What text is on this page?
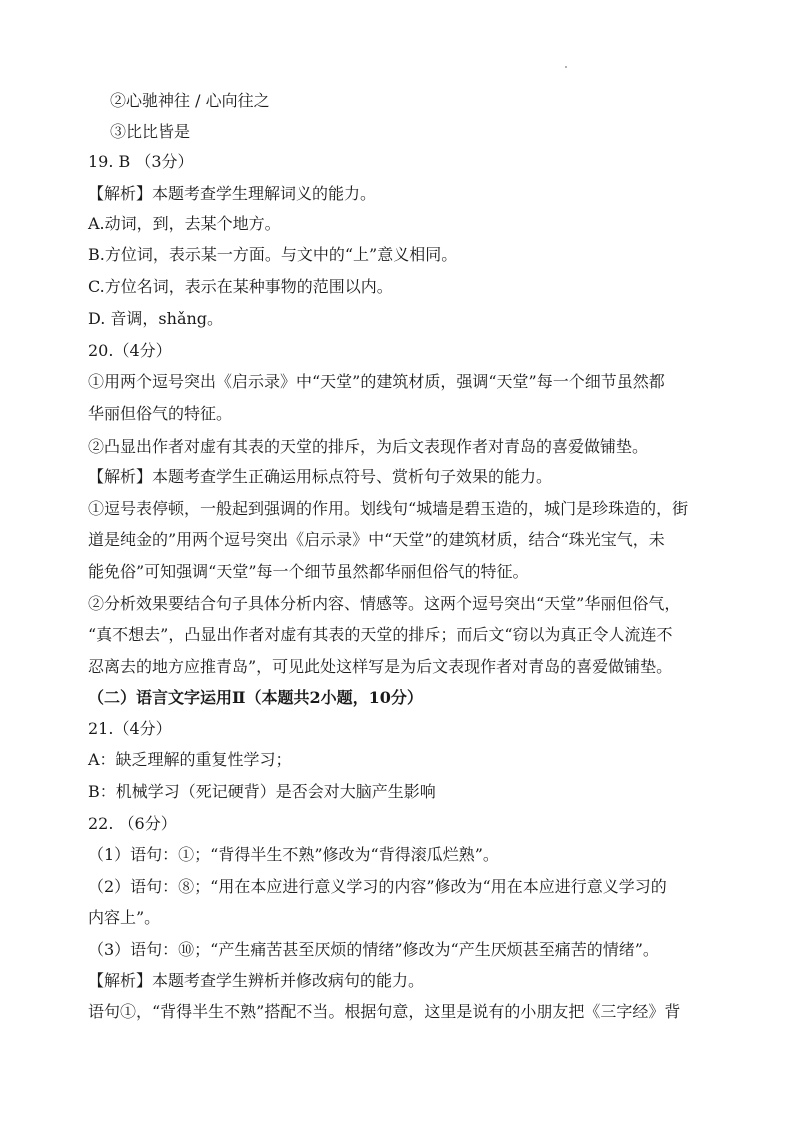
②心驰神往 / 心向往之
③比比皆是
19. B （3分）
【解析】本题考查学生理解词义的能力。
A.动词，到，去某个地方。
B.方位词，表示某一方面。与文中的“上”意义相同。
C.方位名词，表示在某种事物的范围以内。
D. 音调，shǎng。
20.（4分）
①用两个逗号突出《启示录》中“天堂”的建筑材质，强调“天堂”每一个细节虽然都
华丽但俗气的特征。
②凸显出作者对虚有其表的天堂的排斥，为后文表现作者对青岛的喜爱做铺垫。
【解析】本题考查学生正确运用标点符号、赏析句子效果的能力。
①逗号表停顿，一般起到强调的作用。划线句“城墙是碧玉造的，城门是珍珠造的，街
道是纯金的”用两个逗号突出《启示录》中“天堂”的建筑材质，结合“珠光宝气，未
能免俗”可知强调“天堂”每一个细节虽然都华丽但俗气的特征。
②分析效果要结合句子具体分析内容、情感等。这两个逗号突出“天堂”华丽但俗气，
“真不想去”，凸显出作者对虚有其表的天堂的排斥；而后文“窃以为真正令人流连不
忍离去的地方应推青岛”，可见此处这样写是为后文表现作者对青岛的喜爱做铺垫。
（二）语言文字运用Ⅱ（本题共2小题，10分）
21.（4分）
A：缺乏理解的重复性学习；
B：机械学习（死记硬背）是否会对大脑产生影响
22. （6分）
（1）语句：①；“背得半生不熟”修改为“背得滚瓜烂熟”。
（2）语句：⑧；“用在本应进行意义学习的内容”修改为“用在本应进行意义学习的
内容上”。
（3）语句：⑩；“产生痛苦甚至厌烦的情绪”修改为“产生厌烦甚至痛苦的情绪”。
【解析】本题考查学生辨析并修改病句的能力。
语句①，“背得半生不熟”搭配不当。根据句意，这里是说有的小朋友把《三字经》背
